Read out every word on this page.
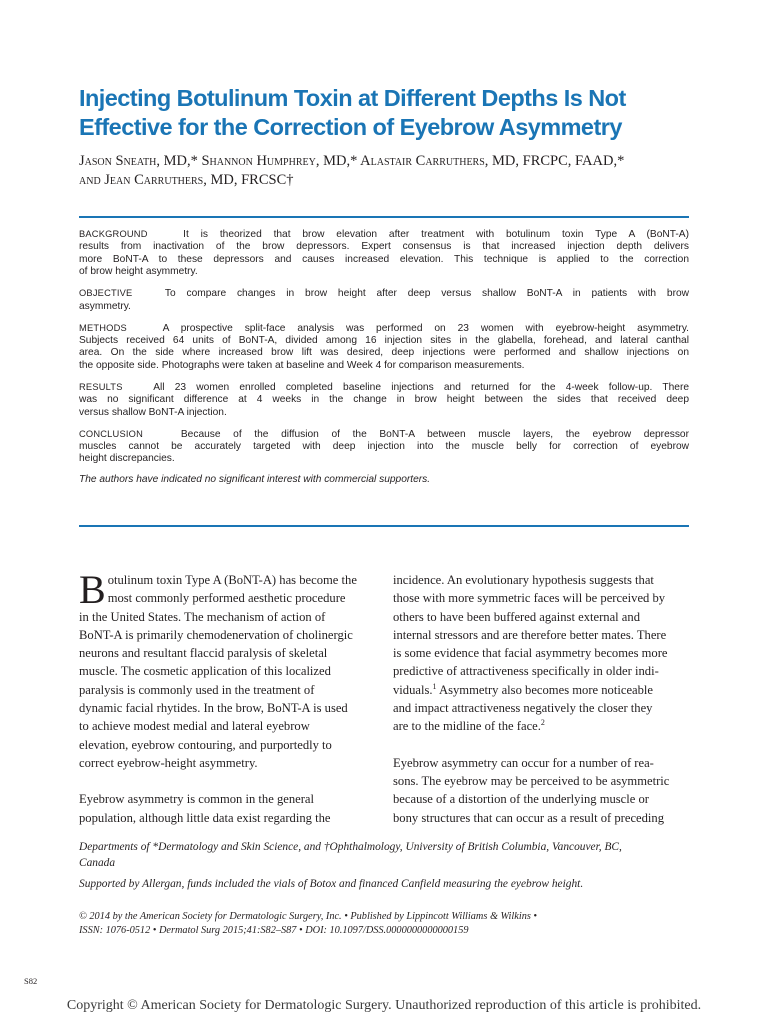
Injecting Botulinum Toxin at Different Depths Is Not
Effective for the Correction of Eyebrow Asymmetry
Jason Sneath, MD,* Shannon Humphrey, MD,* Alastair Carruthers, MD, FRCPC, FAAD,*
and Jean Carruthers, MD, FRCSC†

BACKGROUND	It is theorized that brow elevation after treatment with botulinum toxin Type A (BoNT-A)
results from inactivation of the brow depressors. Expert consensus is that increased injection depth delivers
more BoNT-A to these depressors and causes increased elevation. This technique is applied to the correction
of brow height asymmetry.

OBJECTIVE	To compare changes in brow height after deep versus shallow BoNT-A in patients with brow
asymmetry.

METHODS	A prospective split-face analysis was performed on 23 women with eyebrow-height asymmetry.
Subjects received 64 units of BoNT-A, divided among 16 injection sites in the glabella, forehead, and lateral canthal
area. On the side where increased brow lift was desired, deep injections were performed and shallow injections on
the opposite side. Photographs were taken at baseline and Week 4 for comparison measurements.

RESULTS	All 23 women enrolled completed baseline injections and returned for the 4-week follow-up. There
was no significant difference at 4 weeks in the change in brow height between the sides that received deep
versus shallow BoNT-A injection.

CONCLUSION	Because of the diffusion of the BoNT-A between muscle layers, the eyebrow depressor
muscles cannot be accurately targeted with deep injection into the muscle belly for correction of eyebrow
height discrepancies.

The authors have indicated no significant interest with commercial supporters.

B otulinum toxin Type A (BoNT-A) has become the
most commonly performed aesthetic procedure
in the United States. The mechanism of action of
BoNT-A is primarily chemodenervation of cholinergic
neurons and resultant flaccid paralysis of skeletal
muscle. The cosmetic application of this localized
paralysis is commonly used in the treatment of
dynamic facial rhytides. In the brow, BoNT-A is used
to achieve modest medial and lateral eyebrow
elevation, eyebrow contouring, and purportedly to
correct eyebrow-height asymmetry.
Eyebrow asymmetry is common in the general
population, although little data exist regarding the
incidence. An evolutionary hypothesis suggests that
those with more symmetric faces will be perceived by
others to have been buffered against external and
internal stressors and are therefore better mates. There
is some evidence that facial asymmetry becomes more
predictive of attractiveness specifically in older indi-
viduals.$^1$ Asymmetry also becomes more noticeable
and impact attractiveness negatively the closer they
are to the midline of the face.$^2$
Eyebrow asymmetry can occur for a number of rea-
sons. The eyebrow may be perceived to be asymmetric
because of a distortion of the underlying muscle or
bony structures that can occur as a result of preceding
Departments of *Dermatology and Skin Science, and †Ophthalmology, University of British Columbia, Vancouver, BC,
Canada
Supported by Allergan, funds included the vials of Botox and financed Canfield measuring the eyebrow height.
© 2014 by the American Society for Dermatologic Surgery, Inc. • Published by Lippincott Williams & Wilkins •
ISSN: 1076-0512 • Dermatol Surg 2015;41:S82–S87 • DOI: 10.1097/DSS.0000000000000159
S82
Copyright © American Society for Dermatologic Surgery. Unauthorized reproduction of this article is prohibited.
